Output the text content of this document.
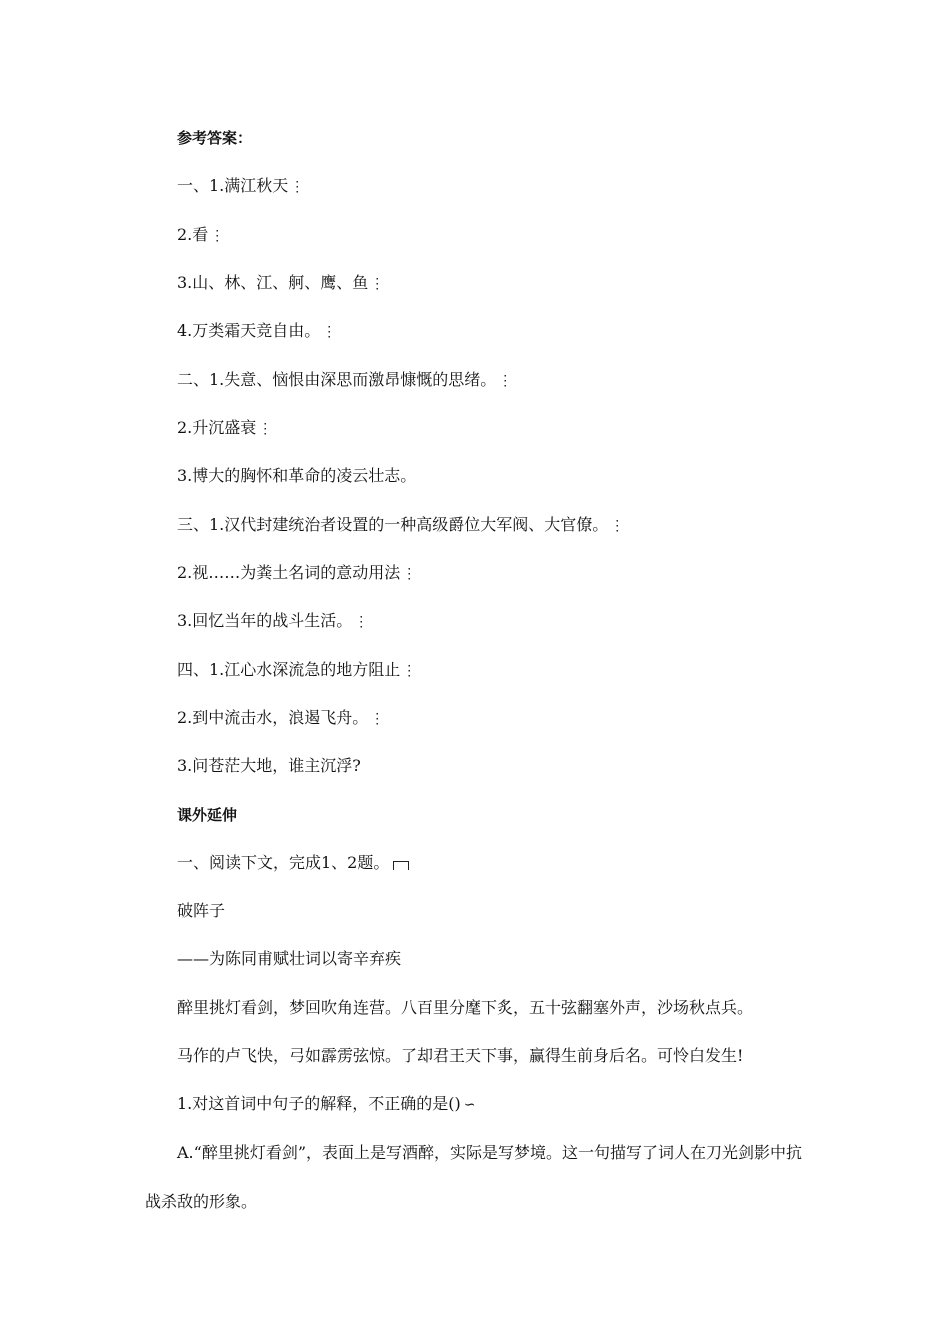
参考答案：
一、1.满江秋天 ⋮
2.看 ⋮
3.山、林、江、舸、鹰、鱼 ⋮
4.万类霜天竞自由。 ⋮
二、1.失意、恼恨由深思而激昂慷慨的思绪。 ⋮
2.升沉盛衰 ⋮
3.博大的胸怀和革命的凌云壮志。
三、1.汉代封建统治者设置的一种高级爵位大军阀、大官僚。 ⋮
2.视……为粪土名词的意动用法 ⋮
3.回忆当年的战斗生活。 ⋮
四、1.江心水深流急的地方阻止 ⋮
2.到中流击水，浪遏飞舟。 ⋮
3.问苍茫大地，谁主沉浮?
课外延伸
一、阅读下文，完成1、2题。
破阵子
——为陈同甫赋壮词以寄辛弃疾
醉里挑灯看剑，梦回吹角连营。八百里分麾下炙，五十弦翻塞外声，沙场秋点兵。
马作的卢飞快，弓如霹雳弦惊。了却君王天下事，赢得生前身后名。可怜白发生!
1.对这首词中句子的解释，不正确的是() ∽
A.“醉里挑灯看剑”，表面上是写酒醉，实际是写梦境。这一句描写了词人在刀光剑影中抗战杀敌的形象。
